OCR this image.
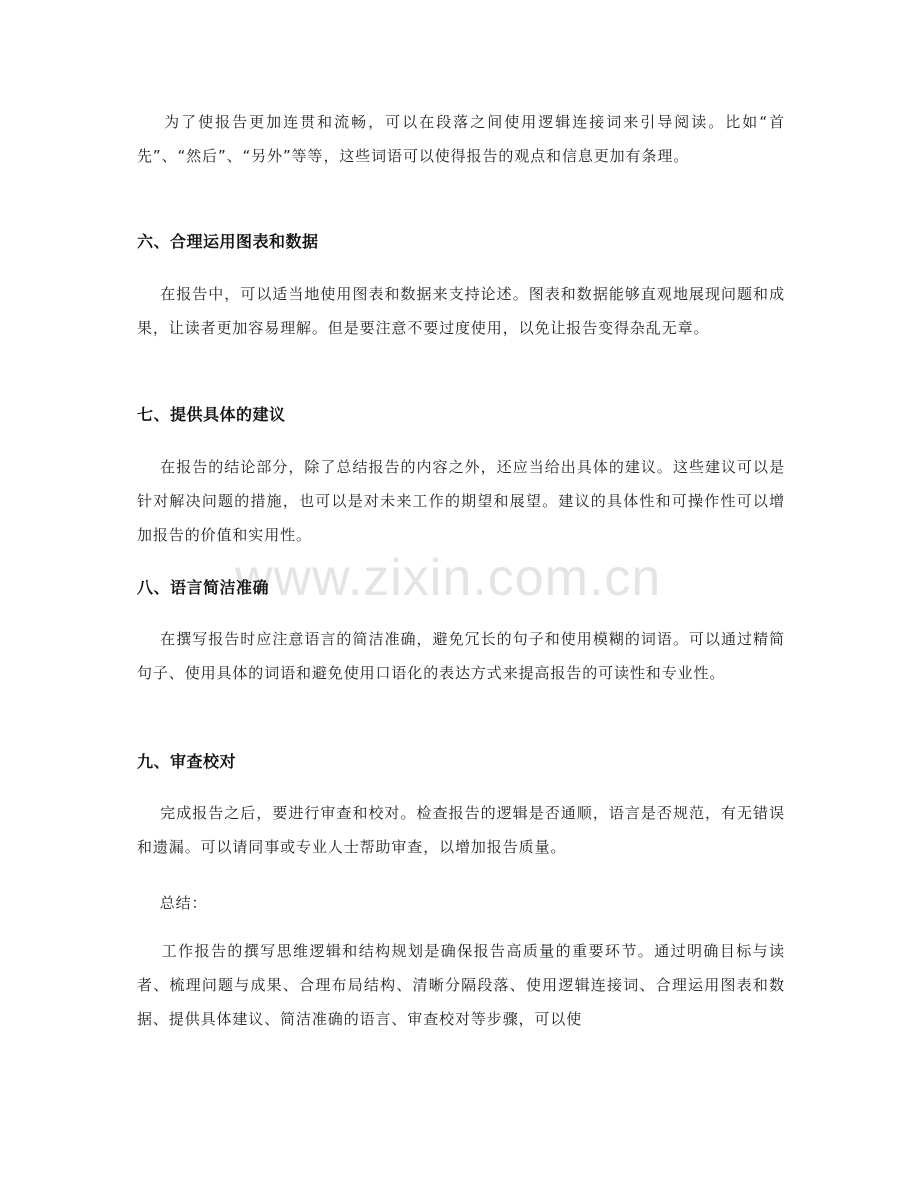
www.zixin.com.cn

为了使报告更加连贯和流畅，可以在段落之间使用逻辑连接词来引导阅读。比如“首先”、“然后”、“另外”等等，这些词语可以使得报告的观点和信息更加有条理。

六、合理运用图表和数据

在报告中，可以适当地使用图表和数据来支持论述。图表和数据能够直观地展现问题和成果，让读者更加容易理解。但是要注意不要过度使用，以免让报告变得杂乱无章。

七、提供具体的建议

在报告的结论部分，除了总结报告的内容之外，还应当给出具体的建议。这些建议可以是针对解决问题的措施，也可以是对未来工作的期望和展望。建议的具体性和可操作性可以增加报告的价值和实用性。

八、语言简洁准确

在撰写报告时应注意语言的简洁准确，避免冗长的句子和使用模糊的词语。可以通过精简句子、使用具体的词语和避免使用口语化的表达方式来提高报告的可读性和专业性。

九、审查校对

完成报告之后，要进行审查和校对。检查报告的逻辑是否通顺，语言是否规范，有无错误和遗漏。可以请同事或专业人士帮助审查，以增加报告质量。

总结：

工作报告的撰写思维逻辑和结构规划是确保报告高质量的重要环节。通过明确目标与读者、梳理问题与成果、合理布局结构、清晰分隔段落、使用逻辑连接词、合理运用图表和数据、提供具体建议、简洁准确的语言、审查校对等步骤，可以使
